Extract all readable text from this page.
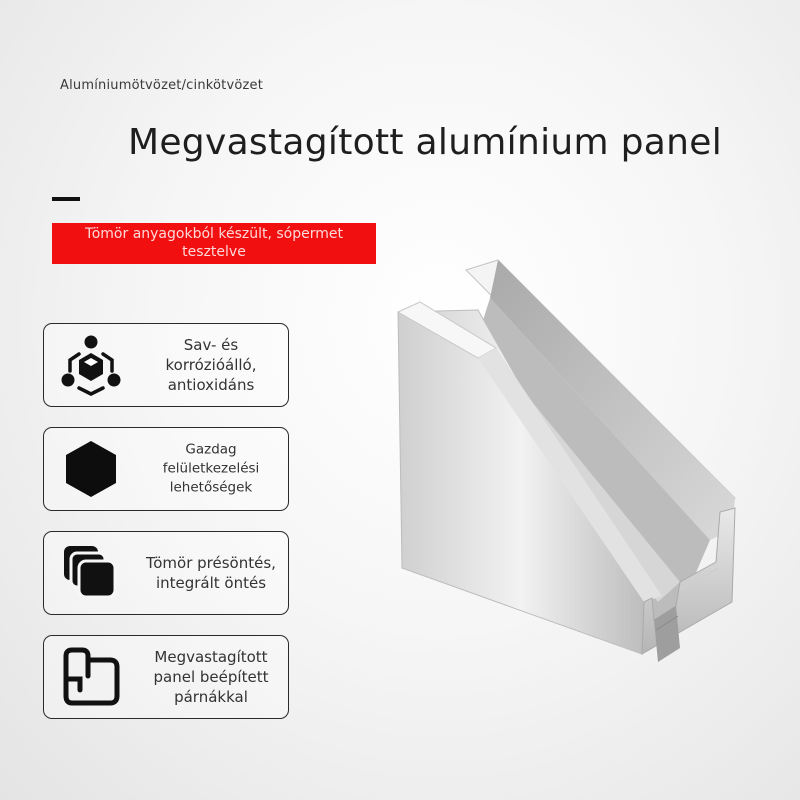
Alumíniumötvözet/cinkötvözet
Megvastagított alumínium panel
Tömör anyagokból készült, sópermet
tesztelve
Sav- és
korrózióálló,
antioxidáns
Gazdag
felületkezelési
lehetőségek
Tömör présöntés,
integrált öntés
Megvastagított
panel beépített
párnákkal
